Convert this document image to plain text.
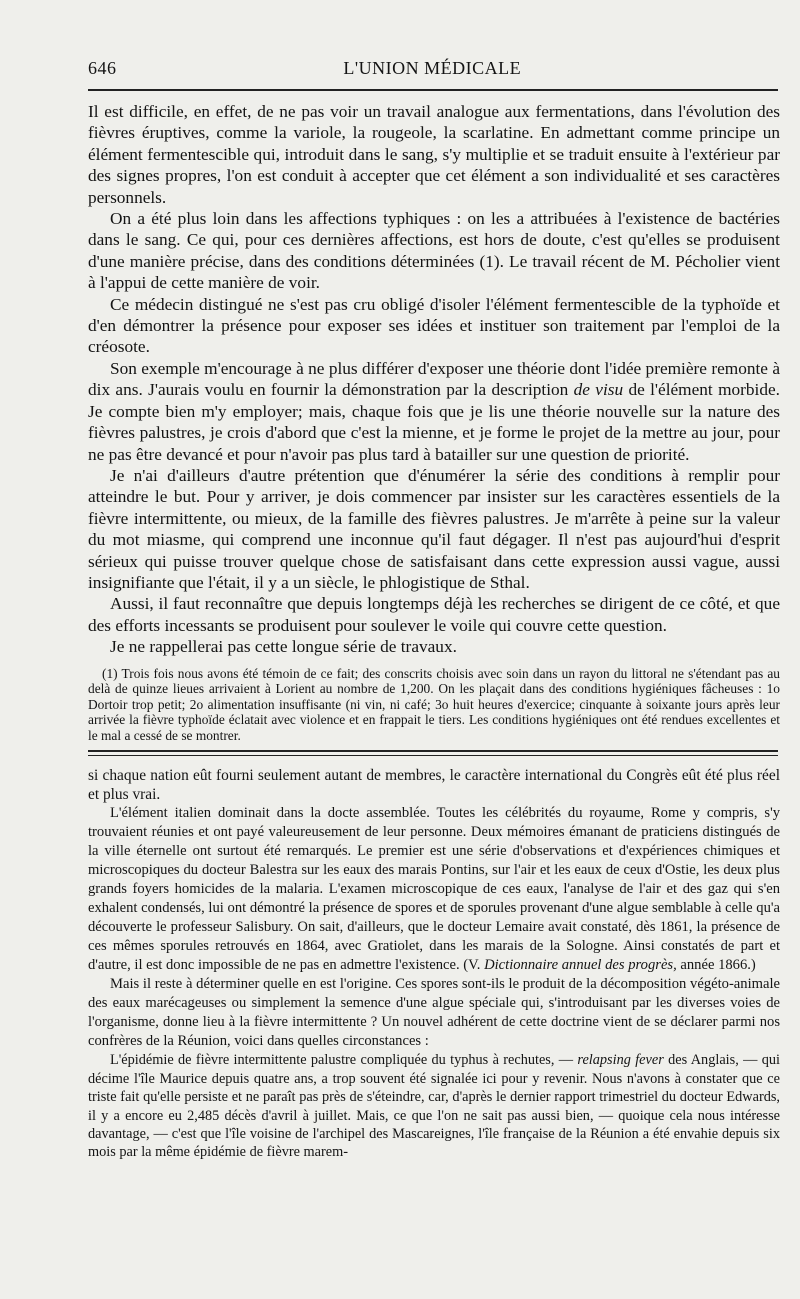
646	L'UNION MÉDICALE

Il est difficile, en effet, de ne pas voir un travail analogue aux fermentations, dans l'évolution des fièvres éruptives, comme la variole, la rougeole, la scarlatine. En admettant comme principe un élément fermentescible qui, introduit dans le sang, s'y multiplie et se traduit ensuite à l'extérieur par des signes propres, l'on est conduit à accepter que cet élément a son individualité et ses caractères personnels.

On a été plus loin dans les affections typhiques : on les a attribuées à l'existence de bactéries dans le sang. Ce qui, pour ces dernières affections, est hors de doute, c'est qu'elles se produisent d'une manière précise, dans des conditions déterminées (1). Le travail récent de M. Pécholier vient à l'appui de cette manière de voir.

Ce médecin distingué ne s'est pas cru obligé d'isoler l'élément fermentescible de la typhoïde et d'en démontrer la présence pour exposer ses idées et instituer son traitement par l'emploi de la créosote.

Son exemple m'encourage à ne plus différer d'exposer une théorie dont l'idée première remonte à dix ans. J'aurais voulu en fournir la démonstration par la description de visu de l'élément morbide. Je compte bien m'y employer; mais, chaque fois que je lis une théorie nouvelle sur la nature des fièvres palustres, je crois d'abord que c'est la mienne, et je forme le projet de la mettre au jour, pour ne pas être devancé et pour n'avoir pas plus tard à batailler sur une question de priorité.

Je n'ai d'ailleurs d'autre prétention que d'énumérer la série des conditions à remplir pour atteindre le but. Pour y arriver, je dois commencer par insister sur les caractères essentiels de la fièvre intermittente, ou mieux, de la famille des fièvres palustres. Je m'arrête à peine sur la valeur du mot miasme, qui comprend une inconnue qu'il faut dégager. Il n'est pas aujourd'hui d'esprit sérieux qui puisse trouver quelque chose de satisfaisant dans cette expression aussi vague, aussi insignifiante que l'était, il y a un siècle, le phlogistique de Sthal.

Aussi, il faut reconnaître que depuis longtemps déjà les recherches se dirigent de ce côté, et que des efforts incessants se produisent pour soulever le voile qui couvre cette question.

Je ne rappellerai pas cette longue série de travaux.

(1) Trois fois nous avons été témoin de ce fait; des conscrits choisis avec soin dans un rayon du littoral ne s'étendant pas au delà de quinze lieues arrivaient à Lorient au nombre de 1,200. On les plaçait dans des conditions hygiéniques fâcheuses : 1o Dortoir trop petit; 2o alimentation insuffisante (ni vin, ni café; 3o huit heures d'exercice; cinquante à soixante jours après leur arrivée la fièvre typhoïde éclatait avec violence et en frappait le tiers. Les conditions hygiéniques ont été rendues excellentes et le mal a cessé de se montrer.

si chaque nation eût fourni seulement autant de membres, le caractère international du Congrès eût été plus réel et plus vrai.

L'élément italien dominait dans la docte assemblée. Toutes les célébrités du royaume, Rome y compris, s'y trouvaient réunies et ont payé valeureusement de leur personne. Deux mémoires émanant de praticiens distingués de la ville éternelle ont surtout été remarqués. Le premier est une série d'observations et d'expériences chimiques et microscopiques du docteur Balestra sur les eaux des marais Pontins, sur l'air et les eaux de ceux d'Ostie, les deux plus grands foyers homicides de la malaria. L'examen microscopique de ces eaux, l'analyse de l'air et des gaz qui s'en exhalent condensés, lui ont démontré la présence de spores et de sporules provenant d'une algue semblable à celle qu'a découverte le professeur Salisbury. On sait, d'ailleurs, que le docteur Lemaire avait constaté, dès 1861, la présence de ces mêmes sporules retrouvés en 1864, avec Gratiolet, dans les marais de la Sologne. Ainsi constatés de part et d'autre, il est donc impossible de ne pas en admettre l'existence. (V. Dictionnaire annuel des progrès, année 1866.)

Mais il reste à déterminer quelle en est l'origine. Ces spores sont-ils le produit de la décomposition végéto-animale des eaux marécageuses ou simplement la semence d'une algue spéciale qui, s'introduisant par les diverses voies de l'organisme, donne lieu à la fièvre intermittente ? Un nouvel adhérent de cette doctrine vient de se déclarer parmi nos confrères de la Réunion, voici dans quelles circonstances :

L'épidémie de fièvre intermittente palustre compliquée du typhus à rechutes, — relapsing fever des Anglais, — qui décime l'île Maurice depuis quatre ans, a trop souvent été signalée ici pour y revenir. Nous n'avons à constater que ce triste fait qu'elle persiste et ne paraît pas près de s'éteindre, car, d'après le dernier rapport trimestriel du docteur Edwards, il y a encore eu 2,485 décès d'avril à juillet. Mais, ce que l'on ne sait pas aussi bien, — quoique cela nous intéresse davantage, — c'est que l'île voisine de l'archipel des Mascareignes, l'île française de la Réunion a été envahie depuis six mois par la même épidémie de fièvre marem-
